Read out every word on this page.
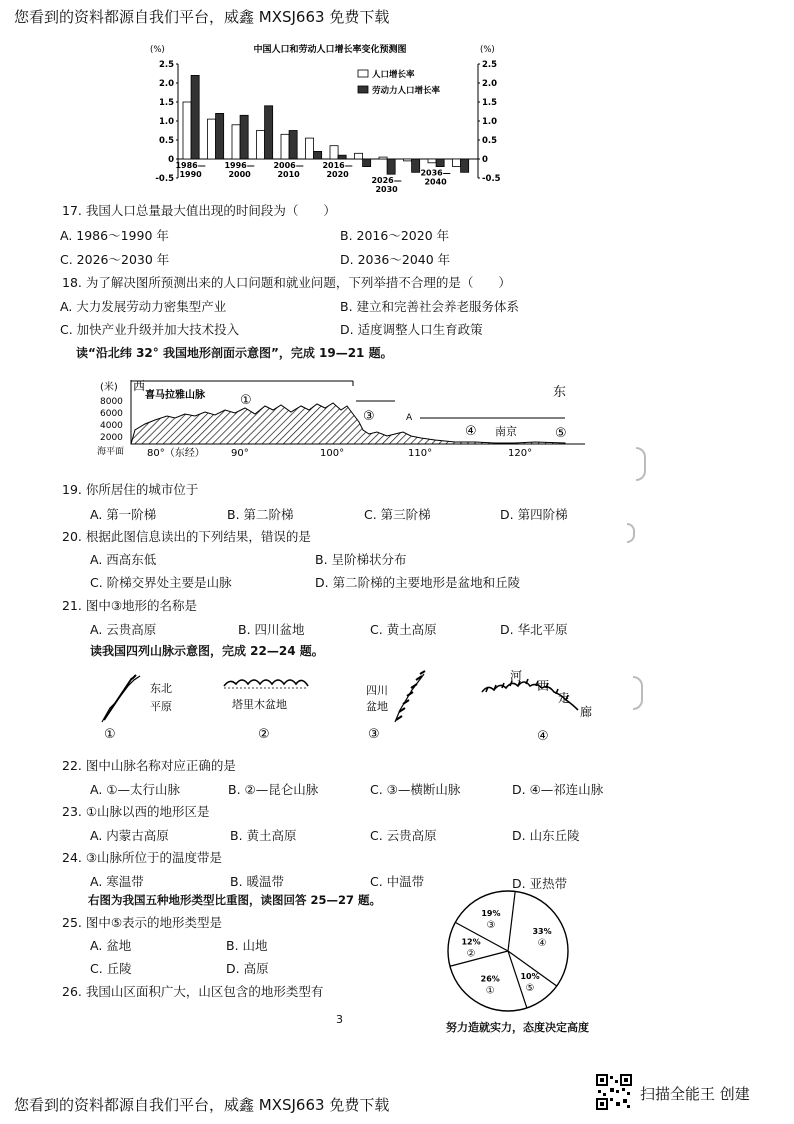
您看到的资料都源自我们平台，威鑫 MXSJ663 免费下载
中国人口和劳动人口增长率变化预测图
(%)	(%)
2.5
2.0
1.5
1.0
0.5
0
-0.5
2.5
2.0
1.5
1.0
0.5
0
-0.5
1986—
1990
1996—
2000
2006—
2010
2016—
2020
2026—
2030
2036—
2040
人口增长率
劳动力人口增长率
17. 我国人口总量最大值出现的时间段为（　　）
A. 1986～1990 年	B. 2016～2020 年
C. 2026～2030 年	D. 2036～2040 年
18. 为了解决图所预测出来的人口问题和就业问题，下列举措不合理的是（　　）
A. 大力发展劳动力密集型产业	B. 建立和完善社会养老服务体系
C. 加快产业升级并加大技术投入	D. 适度调整人口生育政策
读“沿北纬 32° 我国地形剖面示意图”，完成 19—21 题。
(米) 西	东
8000
6000
4000
2000
海平面
喜马拉雅山脉	①
③	A
④ 南京	⑤
80°（东经）	90°	100°	110°	120°
19. 你所居住的城市位于
A. 第一阶梯	B. 第二阶梯	C. 第三阶梯	D. 第四阶梯
20. 根据此图信息读出的下列结果，错误的是
A. 西高东低	B. 呈阶梯状分布
C. 阶梯交界处主要是山脉	D. 第二阶梯的主要地形是盆地和丘陵
21. 图中③地形的名称是
A. 云贵高原	B. 四川盆地	C. 黄土高原	D. 华北平原
读我国四列山脉示意图，完成 22—24 题。
东北
平原
①
塔里木盆地
②
四川
盆地
③
河
西
走
廊
④
22. 图中山脉名称对应正确的是
A. ①—太行山脉	B. ②—昆仑山脉	C. ③—横断山脉	D. ④—祁连山脉
23. ①山脉以西的地形区是
A. 内蒙古高原	B. 黄土高原	C. 云贵高原	D. 山东丘陵
24. ③山脉所位于的温度带是
A. 寒温带	B. 暖温带	C. 中温带	D. 亚热带
右图为我国五种地形类型比重图，读图回答 25—27 题。
25. 图中⑤表示的地形类型是
A. 盆地	B. 山地
C. 丘陵	D. 高原
26. 我国山区面积广大，山区包含的地形类型有
33%
④
10%
⑤
26%
①
12%
②
19%
③
3
努力造就实力，态度决定高度
您看到的资料都源自我们平台，威鑫 MXSJ663 免费下载
扫描全能王 创建
